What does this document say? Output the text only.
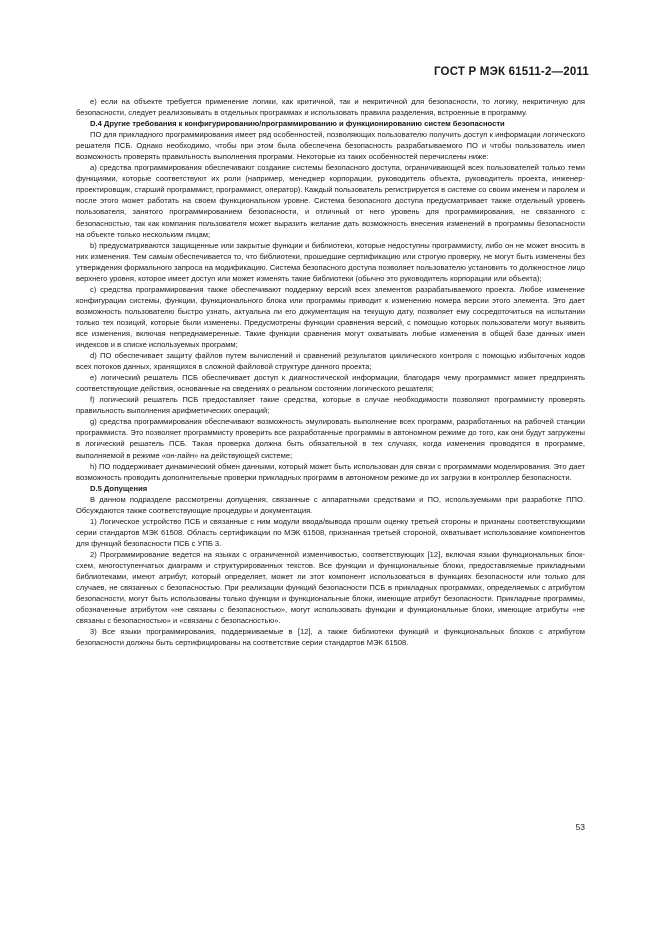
ГОСТ Р МЭК 61511-2—2011

e) если на объекте требуется применение логики, как критичной, так и некритичной для безопасности, то логику, некритичную для безопасности, следует реализовывать в отдельных программах и использовать правила разделения, встроенные в программу.

D.4 Другие требования к конфигурированию/программированию и функционированию систем безопасности

ПО для прикладного программирования имеет ряд особенностей, позволяющих пользователю получить доступ к информации логического решателя ПСБ. Однако необходимо, чтобы при этом была обеспечена безопасность разрабатываемого ПО и чтобы пользователь имел возможность проверять правильность выполнения программ. Некоторые из таких особенностей перечислены ниже:

а) средства программирования обеспечивают создание системы безопасного доступа, ограничивающей всех пользователей только теми функциями, которые соответствуют их роли (например, менеджер корпорации, руководитель объекта, руководитель проекта, инженер-проектировщик, старший программист, программист, оператор). Каждый пользователь регистрируется в системе со своим именем и паролем и после этого может работать на своем функциональном уровне. Система безопасного доступа предусматривает также отдельный уровень пользователя, занятого программированием безопасности, и отличный от него уровень для программирования, не связанного с безопасностью, так как компания пользователя может выразить желание дать возможность внесения изменений в программы безопасности на объекте только нескольким лицам;

b) предусматриваются защищенные или закрытые функции и библиотеки, которые недоступны программисту, либо он не может вносить в них изменения. Тем самым обеспечивается то, что библиотеки, прошедшие сертификацию или строгую проверку, не могут быть изменены без утверждения формального запроса на модификацию. Система безопасного доступа позволяет пользователю установить то должностное лицо верхнего уровня, которое имеет доступ или может изменять такие библиотеки (обычно это руководитель корпорации или объекта);

c) средства программирования также обеспечивают поддержку версий всех элементов разрабатываемого проекта. Любое изменение конфигурации системы, функции, функционального блока или программы приводит к изменению номера версии этого элемента. Это дает возможность пользователю быстро узнать, актуальна ли его документация на текущую дату, позволяет ему сосредоточиться на испытании только тех позиций, которые были изменены. Предусмотрены функции сравнения версий, с помощью которых пользователи могут выявить все изменения, включая непреднамеренные. Такие функции сравнения могут охватывать любые изменения в общей базе данных имен индексов и в списке используемых программ;

d) ПО обеспечивает защиту файлов путем вычислений и сравнений результатов циклического контроля с помощью избыточных кодов всех потоков данных, хранящихся в сложной файловой структуре данного проекта;

e) логический решатель ПСБ обеспечивает доступ к диагностической информации, благодаря чему программист может предпринять соответствующие действия, основанные на сведениях о реальном состоянии логического решателя;

f) логический решатель ПСБ предоставляет такие средства, которые в случае необходимости позволяют программисту проверять правильность выполнения арифметических операций;

g) средства программирования обеспечивают возможность эмулировать выполнение всех программ, разработанных на рабочей станции программиста. Это позволяет программисту проверить все разработанные программы в автономном режиме до того, как они будут загружены в логический решатель ПСБ. Такая проверка должна быть обязательной в тех случаях, когда изменения проводятся в программе, выполняемой в режиме «он-лайн» на действующей системе;

h) ПО поддерживает динамический обмен данными, который может быть использован для связи с программами моделирования. Это дает возможность проводить дополнительные проверки прикладных программ в автономном режиме до их загрузки в контроллер безопасности.

D.5 Допущения

В данном подразделе рассмотрены допущения, связанные с аппаратными средствами и ПО, используемыми при разработке ППО. Обсуждаются также соответствующие процедуры и документация.

1) Логическое устройство ПСБ и связанные с ним модули ввода/вывода прошли оценку третьей стороны и признаны соответствующими серии стандартов МЭК 61508. Область сертификации по МЭК 61508, признанная третьей стороной, охватывает использование компонентов для функций безопасности ПСБ с УПБ 3.

2) Программирование ведется на языках с ограниченной изменчивостью, соответствующих [12], включая языки функциональных блок-схем, многоступенчатых диаграмм и структурированных текстов. Все функции и функциональные блоки, предоставляемые прикладными библиотеками, имеют атрибут, который определяет, может ли этот компонент использоваться в функциях безопасности или только для случаев, не связанных с безопасностью. При реализации функций безопасности ПСБ в прикладных программах, определяемых с атрибутом безопасности, могут быть использованы только функции и функциональные блоки, имеющие атрибут безопасности. Прикладные программы, обозначенные атрибутом «не связаны с безопасностью», могут использовать функции и функциональные блоки, имеющие атрибуты «не связаны с безопасностью» и «связаны с безопасностью».

3) Все языки программирования, поддерживаемые в [12], а также библиотеки функций и функциональных блоков с атрибутом безопасности должны быть сертифицированы на соответствие серии стандартов МЭК 61508.

53
